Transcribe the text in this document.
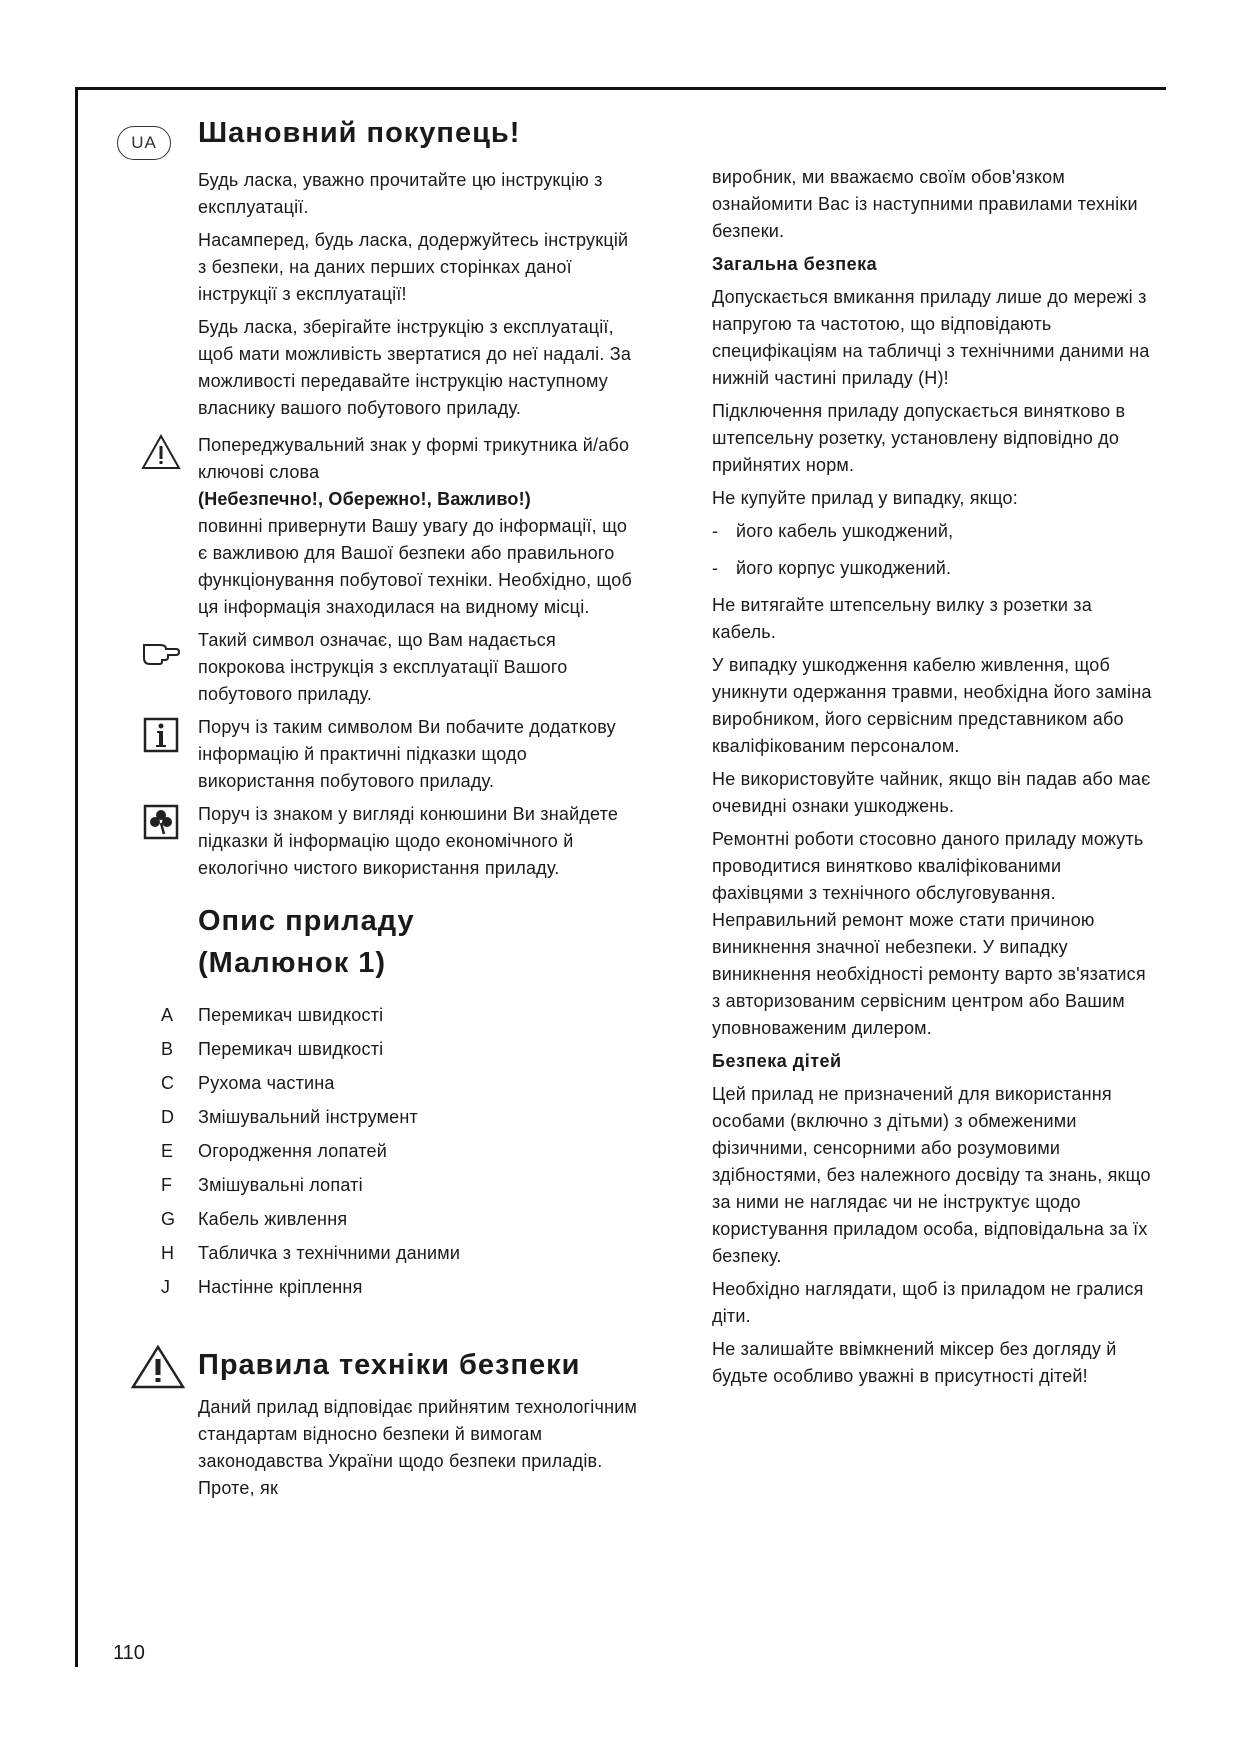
UA	Шановний покупець!

Будь ласка, уважно прочитайте цю інструкцію з експлуатації.

Насамперед, будь ласка, додержуйтесь інструкцій з безпеки, на даних перших сторінках даної інструкції з експлуатації!

Будь ласка, зберігайте інструкцію з експлуатації, щоб мати можливість звертатися до неї надалі. За можливості передавайте інструкцію наступному власнику вашого побутового приладу.

Попереджувальний знак у формі трикутника й/або ключові слова
(Небезпечно!, Обережно!, Важливо!)
повинні привернути Вашу увагу до інформації, що є важливою для Вашої безпеки або правильного функціонування побутової техніки. Необхідно, щоб ця інформація знаходилася на видному місці.
Такий символ означає, що Вам надається покрокова інструкція з експлуатації Вашого побутового приладу.
Поруч із таким символом Ви побачите додаткову інформацію й практичні підказки щодо використання побутового приладу.
Поруч із знаком у вигляді конюшини Ви знайдете підказки й інформацію щодо економічного й екологічно чистого використання приладу.
Опис приладу
(Малюнок 1)
A	Перемикач швидкості
B	Перемикач швидкості
C	Рухома частина
D	Змішувальний інструмент
E	Огородження лопатей
F	Змішувальні лопаті
G	Кабель живлення
H	Табличка з технічними даними
J	Настінне кріплення
Правила техніки безпеки

Даний прилад відповідає прийнятим технологічним стандартам відносно безпеки й вимогам законодавства України щодо безпеки приладів. Проте, як

виробник, ми вважаємо своїм обов'язком ознайомити Вас із наступними правилами техніки безпеки.

Загальна безпека

Допускається вмикання приладу лише до мережі з напругою та частотою, що відповідають специфікаціям на табличці з технічними даними на нижній частині приладу (H)!

Підключення приладу допускається винятково в штепсельну розетку, установлену відповідно до прийнятих норм.

Не купуйте прилад у випадку, якщо:

- його кабель ушкоджений,
- його корпус ушкоджений.

Не витягайте штепсельну вилку з розетки за кабель.

У випадку ушкодження кабелю живлення, щоб уникнути одержання травми, необхідна його заміна виробником, його сервісним представником або кваліфікованим персоналом.

Не використовуйте чайник, якщо він падав або має очевидні ознаки ушкоджень.

Ремонтні роботи стосовно даного приладу можуть проводитися винятково кваліфікованими фахівцями з технічного обслуговування. Неправильний ремонт може стати причиною виникнення значної небезпеки. У випадку виникнення необхідності ремонту варто зв'язатися з авторизованим сервісним центром або Вашим уповноваженим дилером.

Безпека дітей

Цей прилад не призначений для використання особами (включно з дітьми) з обмеженими фізичними, сенсорними або розумовими здібностями, без належного досвіду та знань, якщо за ними не наглядає чи не інструктує щодо користування приладом особа, відповідальна за їх безпеку.

Необхідно наглядати, щоб із приладом не гралися діти.

Не залишайте ввімкнений міксер без догляду й будьте особливо уважні в присутності дітей!

110
